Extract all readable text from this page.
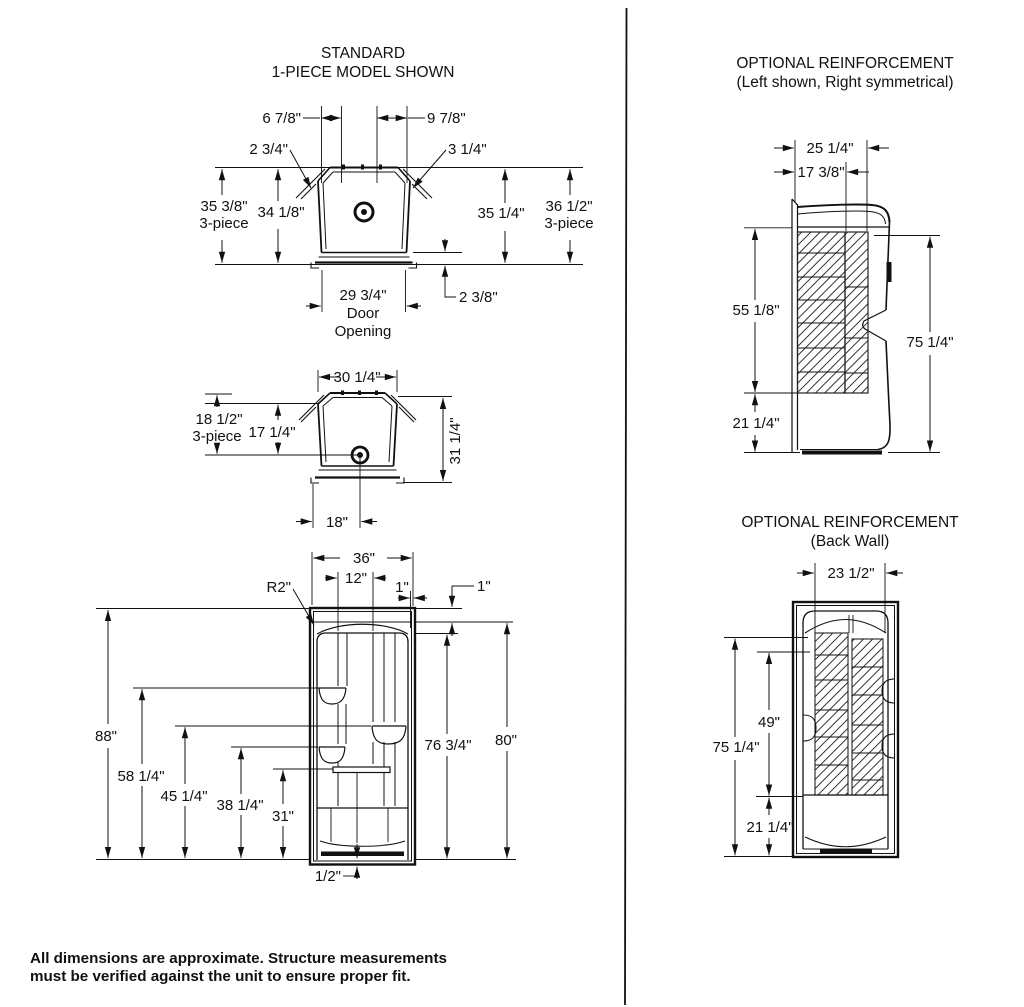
STANDARD
1-PIECE MODEL SHOWN
6 7/8"	9 7/8"
2 3/4"	3 1/4"
35 3/8"
3-piece
34 1/8"	35 1/4" 36 1/2"
3-piece
29 3/4"
Door
Opening
2 3/8"
30 1/4"
18 1/2"
3-piece 17 1/4"	31 1/4"
18"
36"
12"
1"	1"
R2"
88"
58 1/4"
45 1/4"
38 1/4"
31"
76 3/4" 80"
1/2"
OPTIONAL REINFORCEMENT
(Left shown, Right symmetrical)
25 1/4"
17 3/8"
55 1/8"
21 1/4"
75 1/4"
OPTIONAL REINFORCEMENT
(Back Wall)
23 1/2"
49"
75 1/4"
21 1/4"
All dimensions are approximate. Structure measurements
must be verified against the unit to ensure proper fit.
